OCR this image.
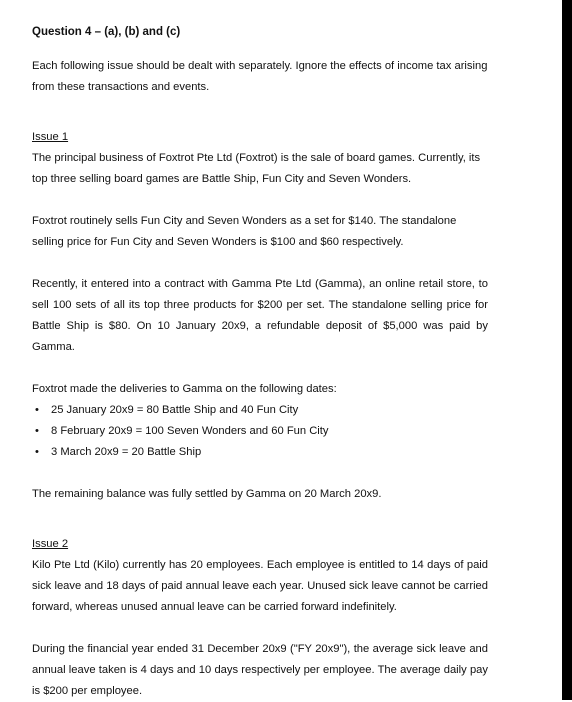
Question 4 – (a), (b) and (c)

Each following issue should be dealt with separately. Ignore the effects of income tax arising from these transactions and events.

Issue 1

The principal business of Foxtrot Pte Ltd (Foxtrot) is the sale of board games. Currently, its top three selling board games are Battle Ship, Fun City and Seven Wonders.

Foxtrot routinely sells Fun City and Seven Wonders as a set for $140. The standalone selling price for Fun City and Seven Wonders is $100 and $60 respectively.

Recently, it entered into a contract with Gamma Pte Ltd (Gamma), an online retail store, to sell 100 sets of all its top three products for $200 per set. The standalone selling price for Battle Ship is $80. On 10 January 20x9, a refundable deposit of $5,000 was paid by Gamma.

Foxtrot made the deliveries to Gamma on the following dates:

• 25 January 20x9 = 80 Battle Ship and 40 Fun City
• 8 February 20x9 = 100 Seven Wonders and 60 Fun City
• 3 March 20x9 = 20 Battle Ship

The remaining balance was fully settled by Gamma on 20 March 20x9.

Issue 2

Kilo Pte Ltd (Kilo) currently has 20 employees. Each employee is entitled to 14 days of paid sick leave and 18 days of paid annual leave each year. Unused sick leave cannot be carried forward, whereas unused annual leave can be carried forward indefinitely.

During the financial year ended 31 December 20x9 ("FY 20x9"), the average sick leave and annual leave taken is 4 days and 10 days respectively per employee. The average daily pay is $200 per employee.
